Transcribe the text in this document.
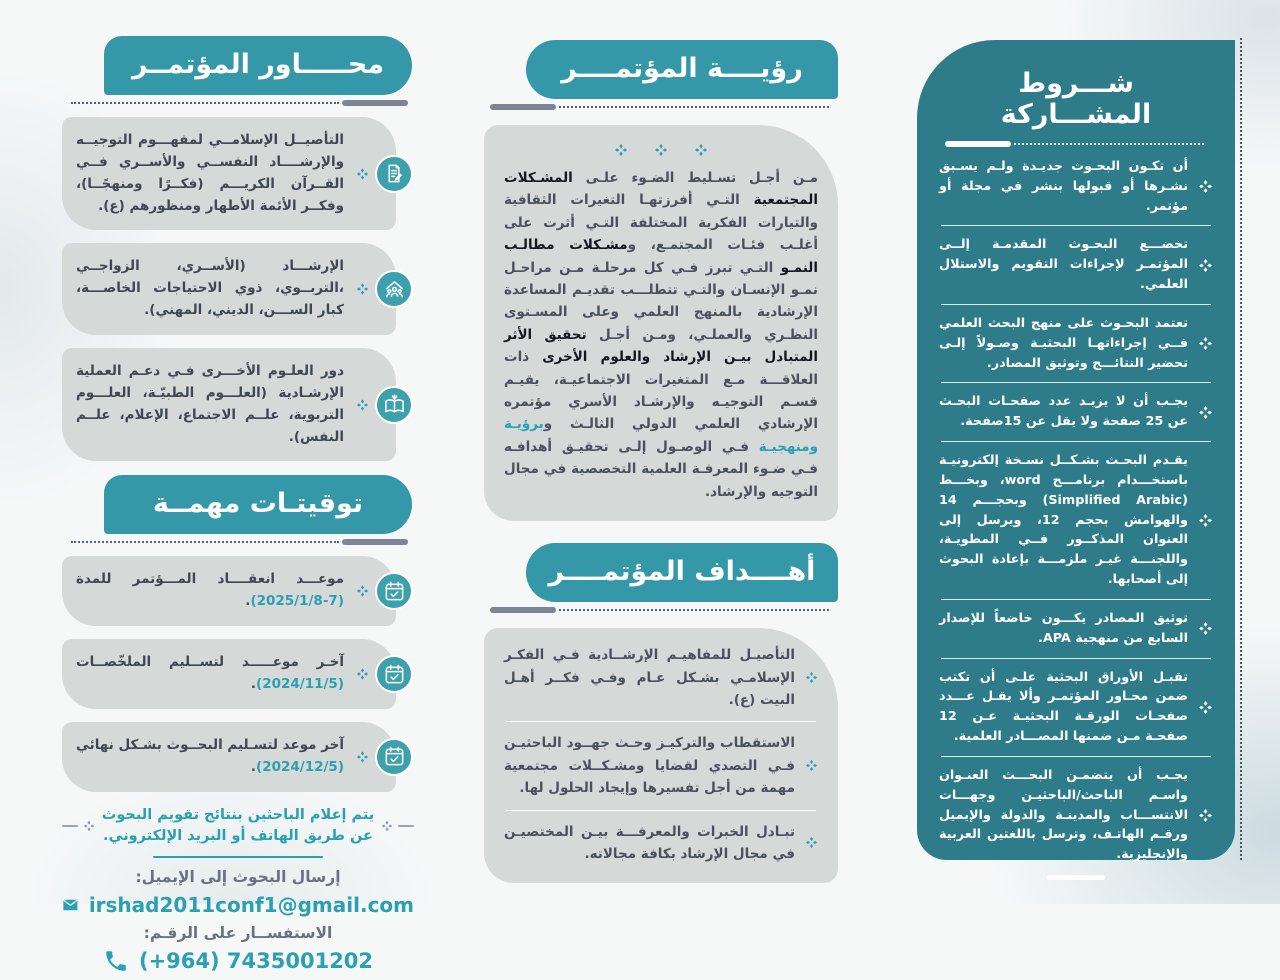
محـــــاور المؤتمــر

التأصيــل الإسلامــي لمفهـــوم التوجيــه والإرشــــاد النفســي والأســري فــي القــرآن الكريـــم (فكــرًا ومنهجًــا)، وفكــر الأئمة الأطهار ومنظورهم (ع).

الإرشـــاد (الأســري، الزواجــي ،التربــوي، ذوي الاحتياجات الخاصـــة، كبار الســـن، الديني، المهني).

دور العلـوم الأخـــرى فـي دعـم العملية الإرشـادية (العلـــوم الطبيّـة، العلـــوم التربوية، علــم الاجتماع، الإعلام، علــم النفس).

توقيتـات مهمــة

موعـــد انعقــــاد المـــؤتمر للمدة (2025/1/8-7).

آخـر موعـــــد لتســليم الملخّصــات (2024/11/5).

آخر موعد لتسـليم البحــوث بشـكل نهائي (2024/12/5).

يتم إعلام الباحثين بنتائج تقويم البحوث عن طريق الهاتف أو البريد الإلكتروني.

إرسال البحوث إلى الإيميل:

irshad2011conf1@gmail.com

الاستفســار على الرقـم:

(+964) 7435001202
رؤيــــة المؤتمــــر

مـن أجـل تسـليط الضـوء علـى المشـكلات المجتمعية التـي أفرزتهـا التغيرات الثقافية والتيارات الفكرية المختلفة التـي أثرت على أغلـب فئـات المجتمـع، ومشـكلات مطالـب النمـو التـي تبرز فـي كل مرحلـة مـن مراحـل نمـو الإنسـان والتـي تتطلـــب تقديـم المساعدة الإرشادية بالمنهج العلمي وعلى المسـتوى النظـري والعملـي، ومـن أجـل تحقيق الأثر المتبادل بيـن الإرشاد والعلوم الأخرى ذات العلاقـــة مـع المتغيرات الاجتماعيـة، يقيـم قسـم التوجيـه والإرشـاد الأسري مؤتمره الإرشادي العلمي الدولي الثالـث وبرؤيـة ومنهجيـة فـي الوصـول إلـى تحقيـق أهدافـه فـي ضـوء المعرفـة العلمية التخصصية في مجال التوجيه والإرشاد.

أهــــداف المؤتمــــر

التأصيـل للمفاهيـم الإرشــادية فـي الفكـر الإسلامـي بشـكل عـام وفـي فكــر أهـل البيت (ع).

الاستقطاب والتركيـز وحـث جهــود الباحثيـن فـي التصدي لقضايا ومشـكــلات مجتمعية مهمة من أجل تفسيرها وإيجاد الحلول لها.

تبـادل الخبرات والمعرفـــة بيـن المختصيـن في مجال الإرشاد بكافة مجالاته.

شـــروط المشـــاركة

أن تكـون البحـوث جديـدة ولـم يسـبق نشـرها أو قبولها بنشر في مجلة أو مؤتمر.

تخضـــع البحـوث المقدمـة إلــى المؤتمـر لإجراءات التقويم والاستلال العلمي.

تعتمد البحـوث على منهج البحث العلمي فــي إجراءاتهـا البحثيـة وصـولاً إلـى تحضير النتائـــج وتوثيق المصادر.

يجـب أن لا يزيـد عدد صفحـات البحـث عن 25 صفحة ولا يقل عن 15صفحة.

يقـدم البحـث بشـكــل نسـخة إلكترونيـة باستخـــدام برنامـــج word، وبخـــط (Simplified Arabic) وبحجـــم 14 والهوامش بحجم 12، ويرسل إلى العنوان المذكــور فــي المطويـة، واللجنـــة غيـر ملزمـــة بإعادة البحوث إلى أصحابها.

توثيق المصادر يكـــون خاضعاً للإصدار السابع من منهجية APA.

تقبـل الأوراق البحثية علـى أن تكتب ضمن محـاور المؤتمـر وألا يقـل عـــدد صفحـات الورقـة البحثيـة عـن 12 صفحـة مـن ضمنها المصـــادر العلمية.

يجـب أن يتضمـن البحـــث العنـوان واسـم الباحث/الباحثيـن وجهـــات الانتســـاب والمدينـة والدولة والإيميل ورقـم الهاتـف، وترسل باللغتين العربية والإنجليزية.
